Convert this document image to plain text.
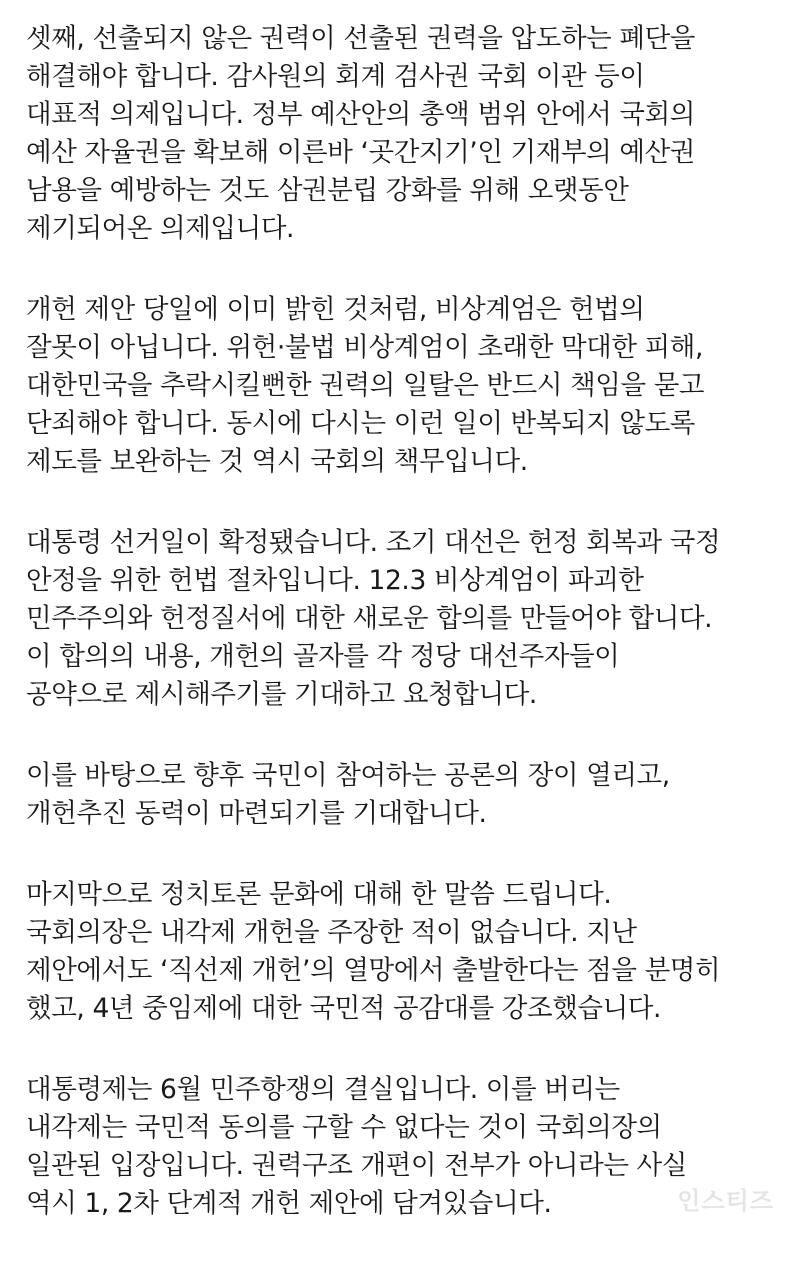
셋째, 선출되지 않은 권력이 선출된 권력을 압도하는 폐단을
해결해야 합니다. 감사원의 회계 검사권 국회 이관 등이
대표적 의제입니다. 정부 예산안의 총액 범위 안에서 국회의
예산 자율권을 확보해 이른바 ‘곳간지기’인 기재부의 예산권
남용을 예방하는 것도 삼권분립 강화를 위해 오랫동안
제기되어온 의제입니다.
개헌 제안 당일에 이미 밝힌 것처럼, 비상계엄은 헌법의
잘못이 아닙니다. 위헌·불법 비상계엄이 초래한 막대한 피해,
대한민국을 추락시킬뻔한 권력의 일탈은 반드시 책임을 묻고
단죄해야 합니다. 동시에 다시는 이런 일이 반복되지 않도록
제도를 보완하는 것 역시 국회의 책무입니다.
대통령 선거일이 확정됐습니다. 조기 대선은 헌정 회복과 국정
안정을 위한 헌법 절차입니다. 12.3 비상계엄이 파괴한
민주주의와 헌정질서에 대한 새로운 합의를 만들어야 합니다.
이 합의의 내용, 개헌의 골자를 각 정당 대선주자들이
공약으로 제시해주기를 기대하고 요청합니다.
이를 바탕으로 향후 국민이 참여하는 공론의 장이 열리고,
개헌추진 동력이 마련되기를 기대합니다.
마지막으로 정치토론 문화에 대해 한 말씀 드립니다.
국회의장은 내각제 개헌을 주장한 적이 없습니다. 지난
제안에서도 ‘직선제 개헌’의 열망에서 출발한다는 점을 분명히
했고, 4년 중임제에 대한 국민적 공감대를 강조했습니다.
대통령제는 6월 민주항쟁의 결실입니다. 이를 버리는
내각제는 국민적 동의를 구할 수 없다는 것이 국회의장의
일관된 입장입니다. 권력구조 개편이 전부가 아니라는 사실
역시 1, 2차 단계적 개헌 제안에 담겨있습니다.	인스티즈
